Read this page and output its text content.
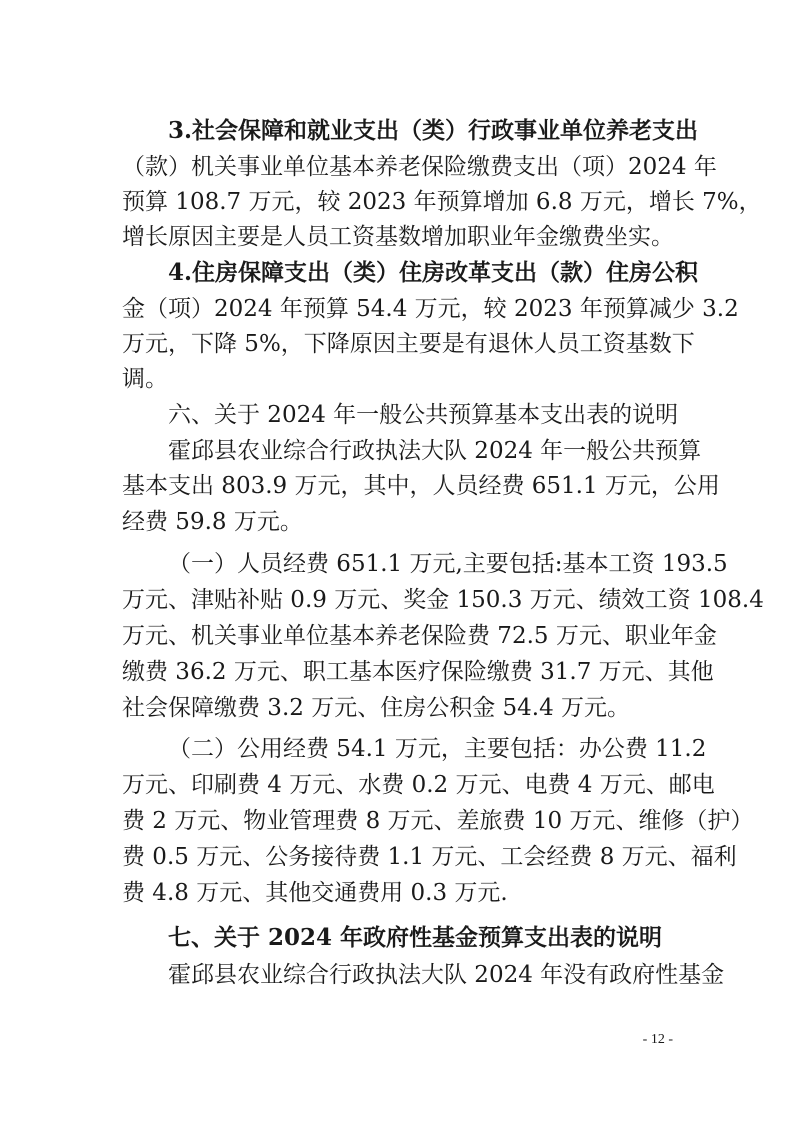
3.社会保障和就业支出（类）行政事业单位养老支出
（款）机关事业单位基本养老保险缴费支出（项）2024 年
预算 108.7 万元，较 2023 年预算增加 6.8 万元，增长 7%，
增长原因主要是人员工资基数增加职业年金缴费坐实。
4.住房保障支出（类）住房改革支出（款）住房公积
金（项）2024 年预算 54.4 万元，较 2023 年预算减少 3.2
万元，下降 5%，下降原因主要是有退休人员工资基数下
调。
六、关于 2024 年一般公共预算基本支出表的说明
霍邱县农业综合行政执法大队 2024 年一般公共预算
基本支出 803.9 万元，其中，人员经费 651.1 万元，公用
经费 59.8 万元。
（一）人员经费 651.1 万元,主要包括:基本工资 193.5
万元、津贴补贴 0.9 万元、奖金 150.3 万元、绩效工资 108.4
万元、机关事业单位基本养老保险费 72.5 万元、职业年金
缴费 36.2 万元、职工基本医疗保险缴费 31.7 万元、其他
社会保障缴费 3.2 万元、住房公积金 54.4 万元。
（二）公用经费 54.1 万元，主要包括：办公费 11.2
万元、印刷费 4 万元、水费 0.2 万元、电费 4 万元、邮电
费 2 万元、物业管理费 8 万元、差旅费 10 万元、维修（护）
费 0.5 万元、公务接待费 1.1 万元、工会经费 8 万元、福利
费 4.8 万元、其他交通费用 0.3 万元.
七、关于 2024 年政府性基金预算支出表的说明
霍邱县农业综合行政执法大队 2024 年没有政府性基金
- 12 -
